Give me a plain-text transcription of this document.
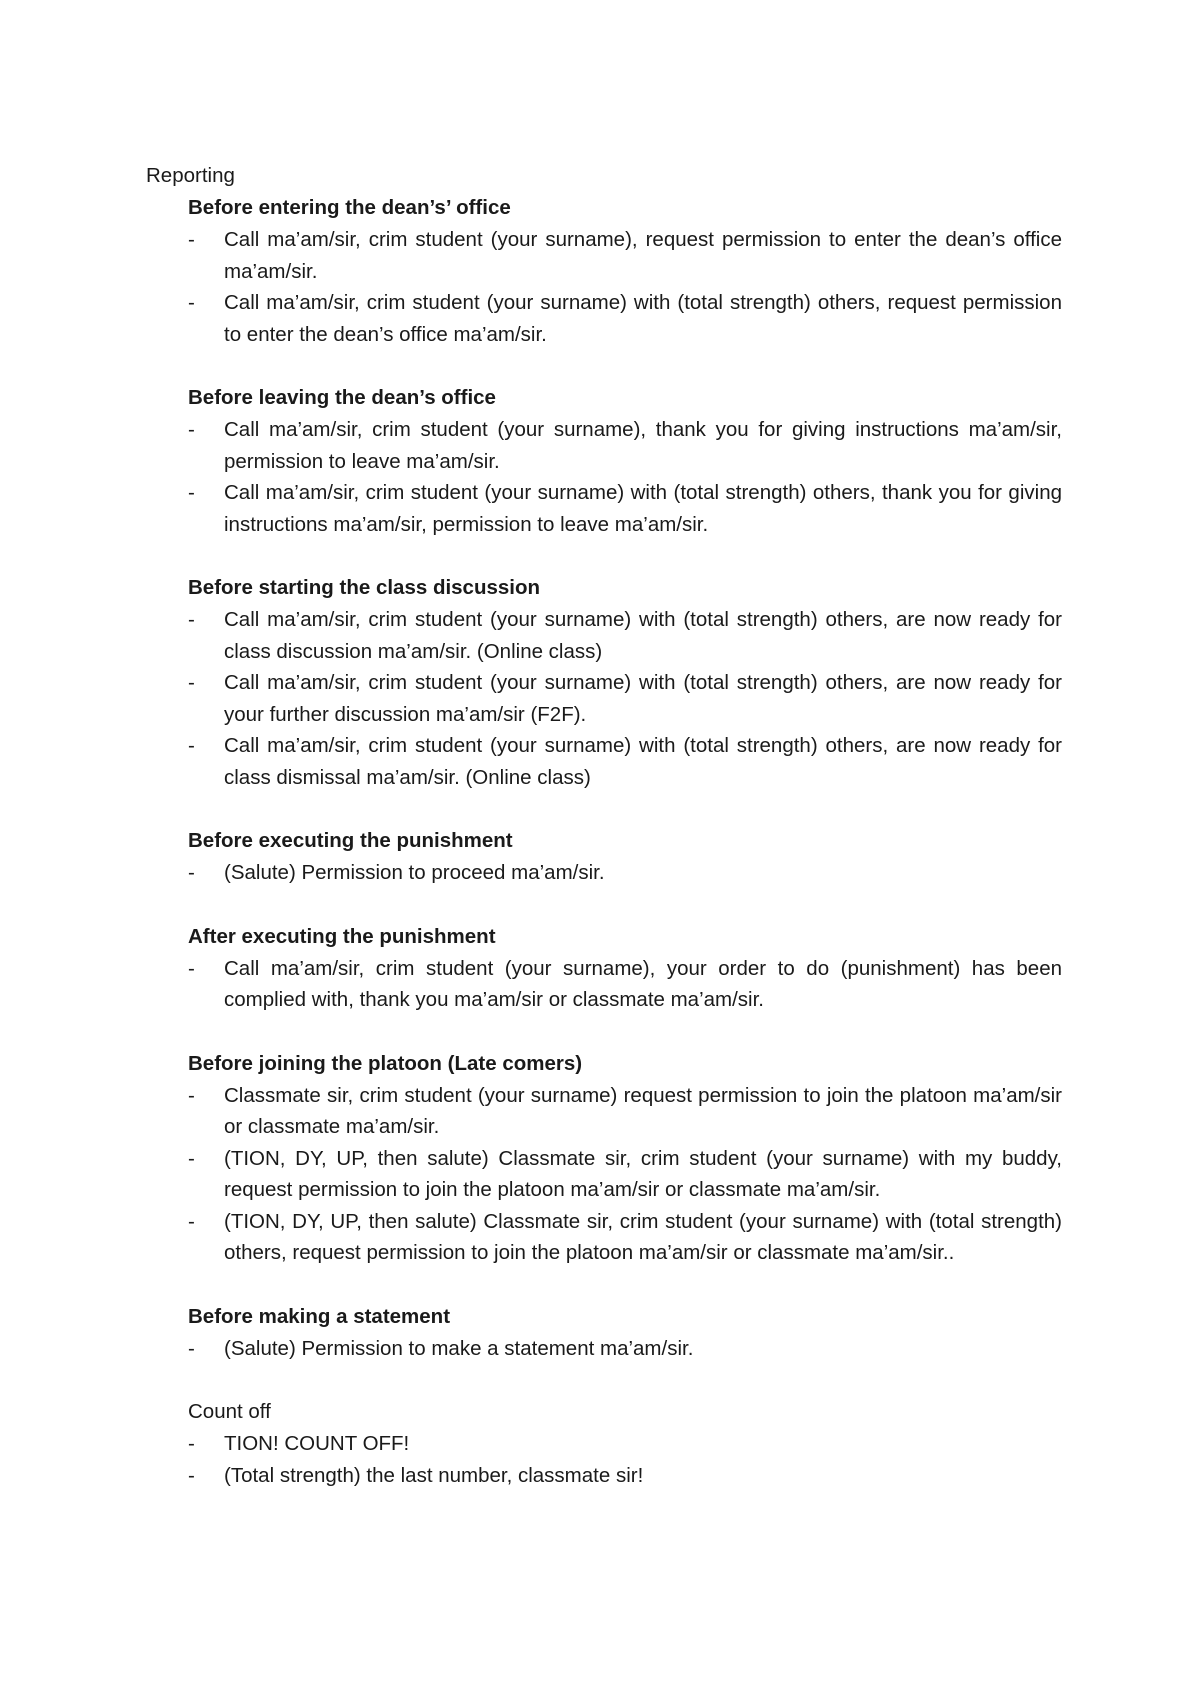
Reporting
Before entering the dean’s’ office
-	Call ma’am/sir, crim student (your surname), request permission to enter the dean’s office ma’am/sir.
-	Call ma’am/sir, crim student (your surname) with (total strength) others, request permission to enter the dean’s office ma’am/sir.
Before leaving the dean’s office
-	Call ma’am/sir, crim student (your surname), thank you for giving instructions ma’am/sir, permission to leave ma’am/sir.
-	Call ma’am/sir, crim student (your surname) with (total strength) others, thank you for giving instructions ma’am/sir, permission to leave ma’am/sir.
Before starting the class discussion
-	Call ma’am/sir, crim student (your surname) with (total strength) others, are now ready for class discussion ma’am/sir. (Online class)
-	Call ma’am/sir, crim student (your surname) with (total strength) others, are now ready for your further discussion ma’am/sir (F2F).
-	Call ma’am/sir, crim student (your surname) with (total strength) others, are now ready for class dismissal ma’am/sir. (Online class)
Before executing the punishment
-	(Salute) Permission to proceed ma’am/sir.
After executing the punishment
-	Call ma’am/sir, crim student (your surname), your order to do (punishment) has been complied with, thank you ma’am/sir or classmate ma’am/sir.
Before joining the platoon (Late comers)
-	Classmate sir, crim student (your surname) request permission to join the platoon ma’am/sir or classmate ma’am/sir.
-	(TION, DY, UP, then salute) Classmate sir, crim student (your surname) with my buddy, request permission to join the platoon ma’am/sir or classmate ma’am/sir.
-	(TION, DY, UP, then salute) Classmate sir, crim student (your surname) with (total strength) others, request permission to join the platoon ma’am/sir or classmate ma’am/sir..
Before making a statement
-	(Salute) Permission to make a statement ma’am/sir.
Count off
-	TION! COUNT OFF!
-	(Total strength) the last number, classmate sir!
